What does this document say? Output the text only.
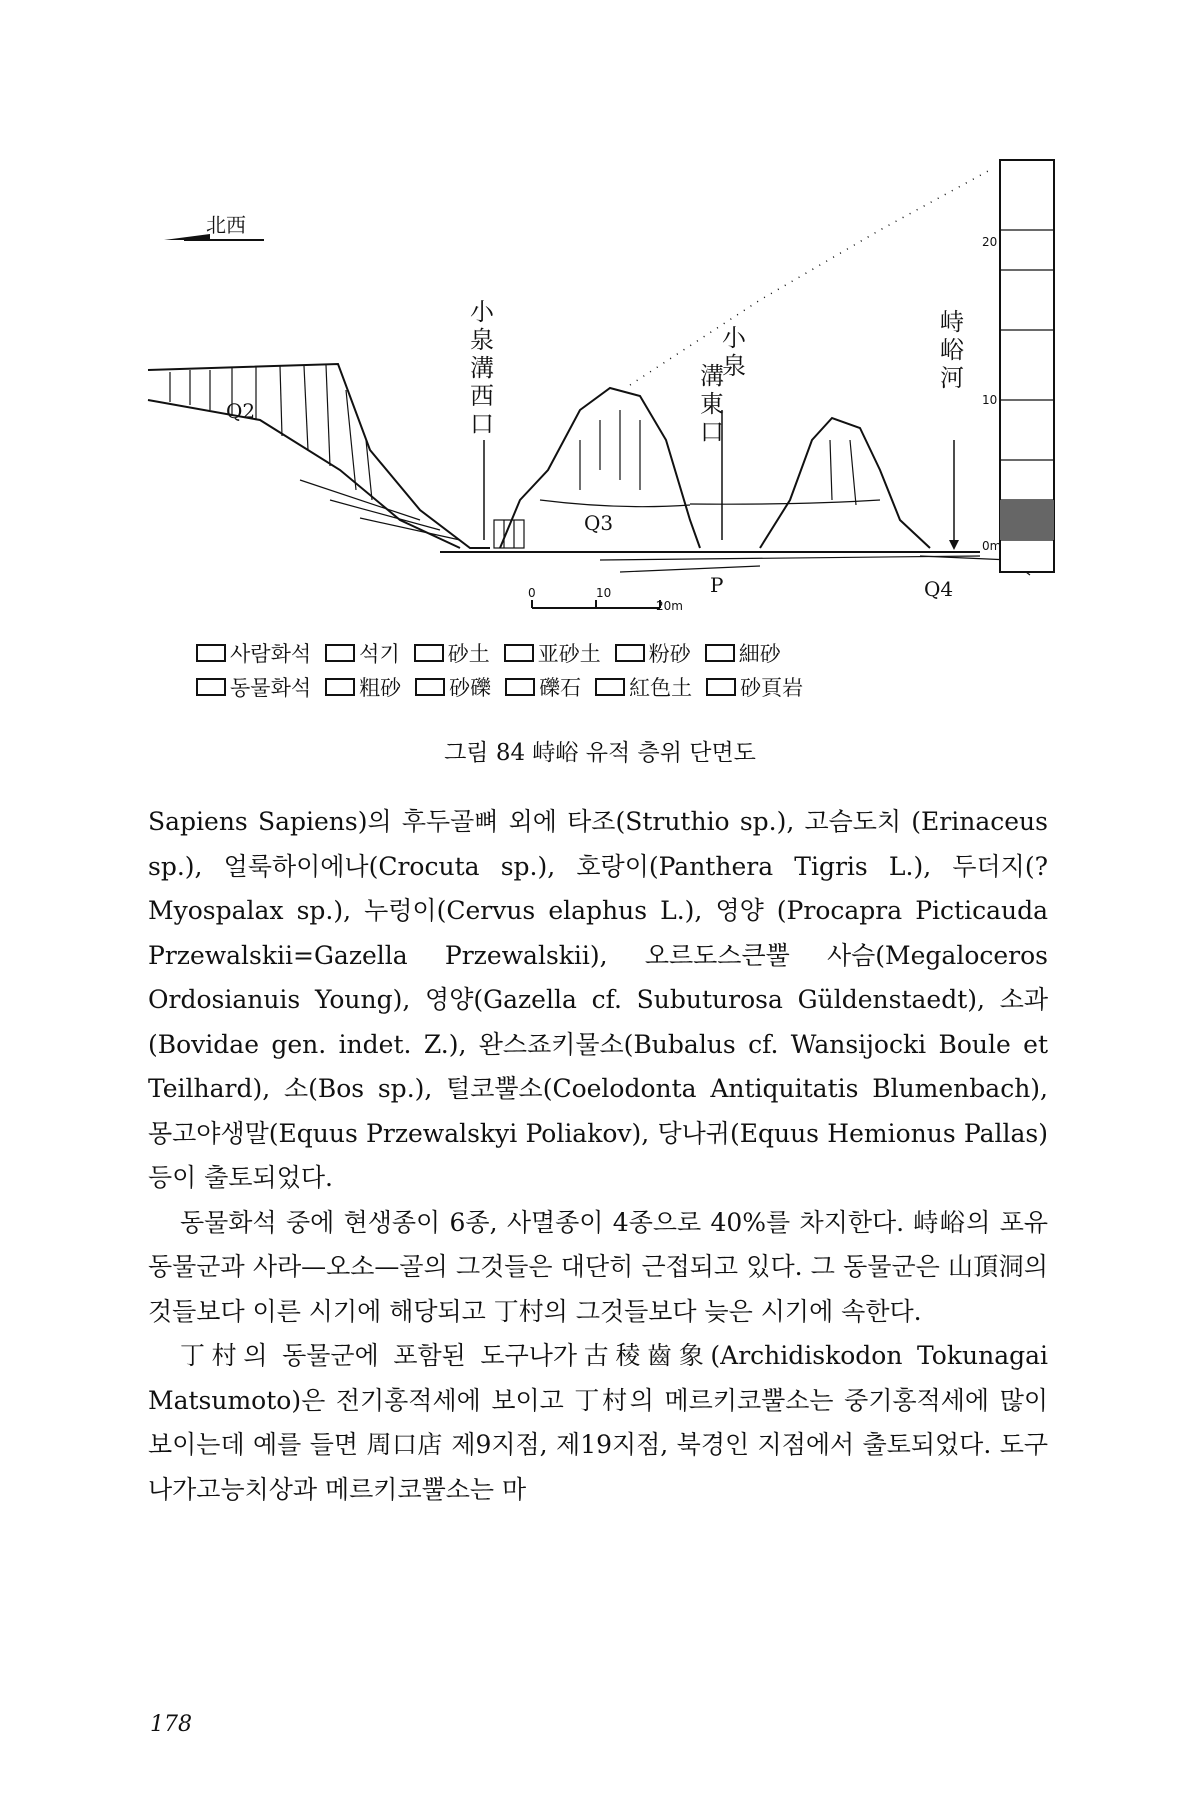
北西
Q2
小
泉
溝
西
口
Q3
小
泉
溝
東
口
峙
峪
河
P	Q4
20
10
0m
0	10
20m
사람화석 석기 砂土 亚砂土 粉砂 細砂
동물화석 粗砂 砂礫 礫石 紅色土 砂頁岩
그림 84 峙峪 유적 층위 단면도

Sapiens Sapiens)의 후두골뼈 외에 타조(Struthio sp.), 고슴도치 (Erinaceus sp.), 얼룩하이에나(Crocuta sp.), 호랑이(Panthera Tigris L.), 두더지(? Myospalax sp.), 누렁이(Cervus elaphus L.), 영양 (Procapra Picticauda Przewalskii=Gazella Przewalskii), 오르도스큰뿔 사슴(Megaloceros Ordosianuis Young), 영양(Gazella cf. Subuturosa Güldenstaedt), 소과(Bovidae gen. indet. Z.), 완스죠키물소(Bubalus cf. Wansijocki Boule et Teilhard), 소(Bos sp.), 털코뿔소(Coelodonta Antiquitatis Blumenbach), 몽고야생말(Equus Przewalskyi Poliakov), 당나귀(Equus Hemionus Pallas) 등이 출토되었다.

동물화석 중에 현생종이 6종, 사멸종이 4종으로 40%를 차지한다. 峙峪의 포유동물군과 사라—오소—골의 그것들은 대단히 근접되고 있다. 그 동물군은 山頂洞의 것들보다 이른 시기에 해당되고 丁村의 그것들보다 늦은 시기에 속한다.

丁村의 동물군에 포함된 도구나가古稜齒象(Archidiskodon Tokunagai Matsumoto)은 전기홍적세에 보이고 丁村의 메르키코뿔소는 중기홍적세에 많이 보이는데 예를 들면 周口店 제9지점, 제19지점, 북경인 지점에서 출토되었다. 도구나가고능치상과 메르키코뿔소는 마

178
